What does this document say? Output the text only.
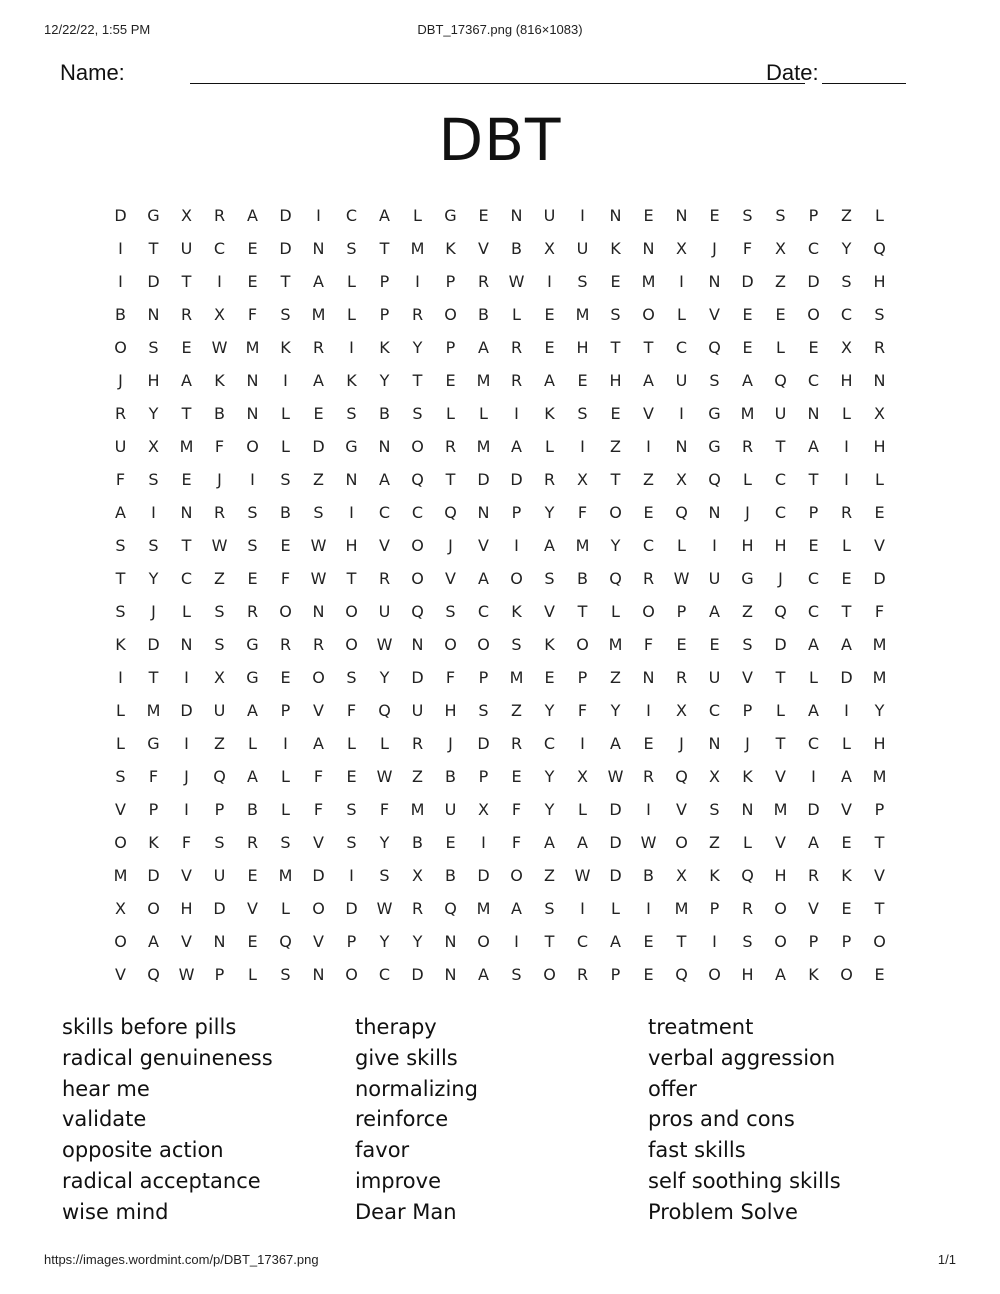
12/22/22, 1:55 PM	DBT_17367.png (816×1083)
Name:	Date:
DBT
D	G	X	R	A	D	I	C	A	L	G	E	N	U	I	N	E	N	E	S	S	P	Z	L
I	T	U	C	E	D	N	S	T	M	K	V	B	X	U	K	N	X	J	F	X	C	Y	Q
I	D	T	I	E	T	A	L	P	I	P	R	W	I	S	E	M	I	N	D	Z	D	S	H
B	N	R	X	F	S	M	L	P	R	O	B	L	E	M	S	O	L	V	E	E	O	C	S
O	S	E	W	M	K	R	I	K	Y	P	A	R	E	H	T	T	C	Q	E	L	E	X	R
J	H	A	K	N	I	A	K	Y	T	E	M	R	A	E	H	A	U	S	A	Q	C	H	N
R	Y	T	B	N	L	E	S	B	S	L	L	I	K	S	E	V	I	G	M	U	N	L	X
U	X	M	F	O	L	D	G	N	O	R	M	A	L	I	Z	I	N	G	R	T	A	I	H
F	S	E	J	I	S	Z	N	A	Q	T	D	D	R	X	T	Z	X	Q	L	C	T	I	L
A	I	N	R	S	B	S	I	C	C	Q	N	P	Y	F	O	E	Q	N	J	C	P	R	E
S	S	T	W	S	E	W	H	V	O	J	V	I	A	M	Y	C	L	I	H	H	E	L	V
T	Y	C	Z	E	F	W	T	R	O	V	A	O	S	B	Q	R	W	U	G	J	C	E	D
S	J	L	S	R	O	N	O	U	Q	S	C	K	V	T	L	O	P	A	Z	Q	C	T	F
K	D	N	S	G	R	R	O	W	N	O	O	S	K	O	M	F	E	E	S	D	A	A	M
I	T	I	X	G	E	O	S	Y	D	F	P	M	E	P	Z	N	R	U	V	T	L	D	M
L	M	D	U	A	P	V	F	Q	U	H	S	Z	Y	F	Y	I	X	C	P	L	A	I	Y
L	G	I	Z	L	I	A	L	L	R	J	D	R	C	I	A	E	J	N	J	T	C	L	H
S	F	J	Q	A	L	F	E	W	Z	B	P	E	Y	X	W	R	Q	X	K	V	I	A	M
V	P	I	P	B	L	F	S	F	M	U	X	F	Y	L	D	I	V	S	N	M	D	V	P
O	K	F	S	R	S	V	S	Y	B	E	I	F	A	A	D	W	O	Z	L	V	A	E	T
M	D	V	U	E	M	D	I	S	X	B	D	O	Z	W	D	B	X	K	Q	H	R	K	V
X	O	H	D	V	L	O	D	W	R	Q	M	A	S	I	L	I	M	P	R	O	V	E	T
O	A	V	N	E	Q	V	P	Y	Y	N	O	I	T	C	A	E	T	I	S	O	P	P	O
V	Q	W	P	L	S	N	O	C	D	N	A	S	O	R	P	E	Q	O	H	A	K	O	E
skills before pills
radical genuineness
hear me
validate
opposite action
radical acceptance
wise mind
therapy
give skills
normalizing
reinforce
favor
improve
Dear Man
treatment
verbal aggression
offer
pros and cons
fast skills
self soothing skills
Problem Solve
https://images.wordmint.com/p/DBT_17367.png	1/1
